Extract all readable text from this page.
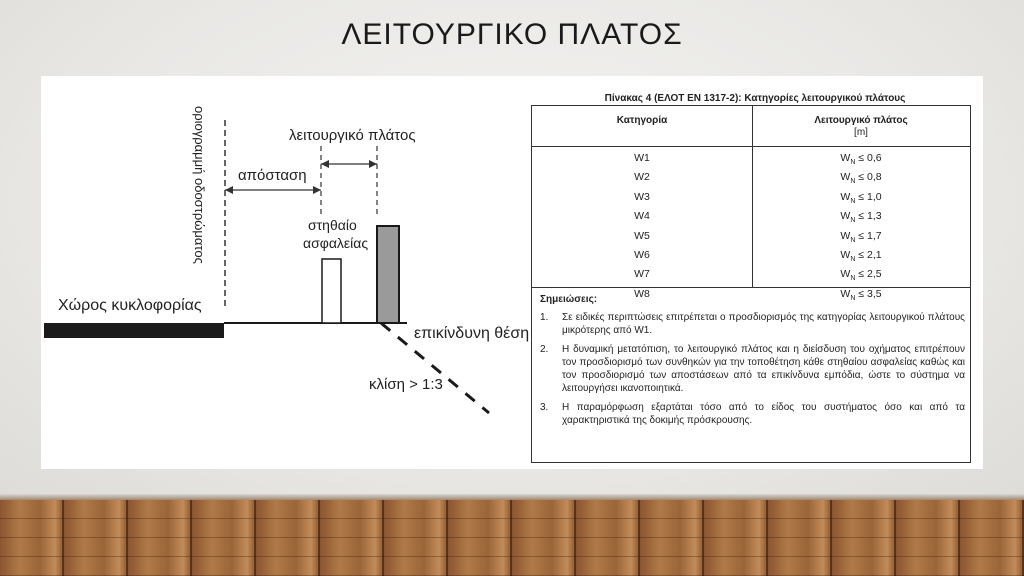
ΛΕΙΤΟΥΡΓΙΚΟ ΠΛΑΤΟΣ
λειτουργικό πλάτος
απόσταση
οριογραμμή οδοστρώματος	στηθαίο
ασφαλείας
Χώρος κυκλοφορίας
επικίνδυνη θέση
κλίση > 1:3
Πίνακας 4 (ΕΛΟΤ ΕΝ 1317-2): Κατηγορίες λειτουργικού πλάτους
Κατηγορία	Λειτουργικό πλάτος
[m]
W1	$W_N \le 0,6$
W2	$W_N \le 0,8$
W3	$W_N \le 1,0$
W4	$W_N \le 1,3$
W5	$W_N \le 1,7$
W6	$W_N \le 2,1$
W7	$W_N \le 2,5$
W8	$W_N \le 3,5$
Σημειώσεις:
1. Σε ειδικές περιπτώσεις επιτρέπεται ο προσδιορισμός της κατηγορίας λειτουργικού πλάτους μικρότερης από W1.
2. Η δυναμική μετατόπιση, το λειτουργικό πλάτος και η διείσδυση του οχήματος επιτρέπουν τον προσδιορισμό των συνθηκών για την τοποθέτηση κάθε στηθαίου ασφαλείας καθώς και τον προσδιορισμό των αποστάσεων από τα επικίνδυνα εμπόδια, ώστε το σύστημα να λειτουργήσει ικανοποιητικά.
3. Η παραμόρφωση εξαρτάται τόσο από το είδος του συστήματος όσο και από τα χαρακτηριστικά της δοκιμής πρόσκρουσης.
